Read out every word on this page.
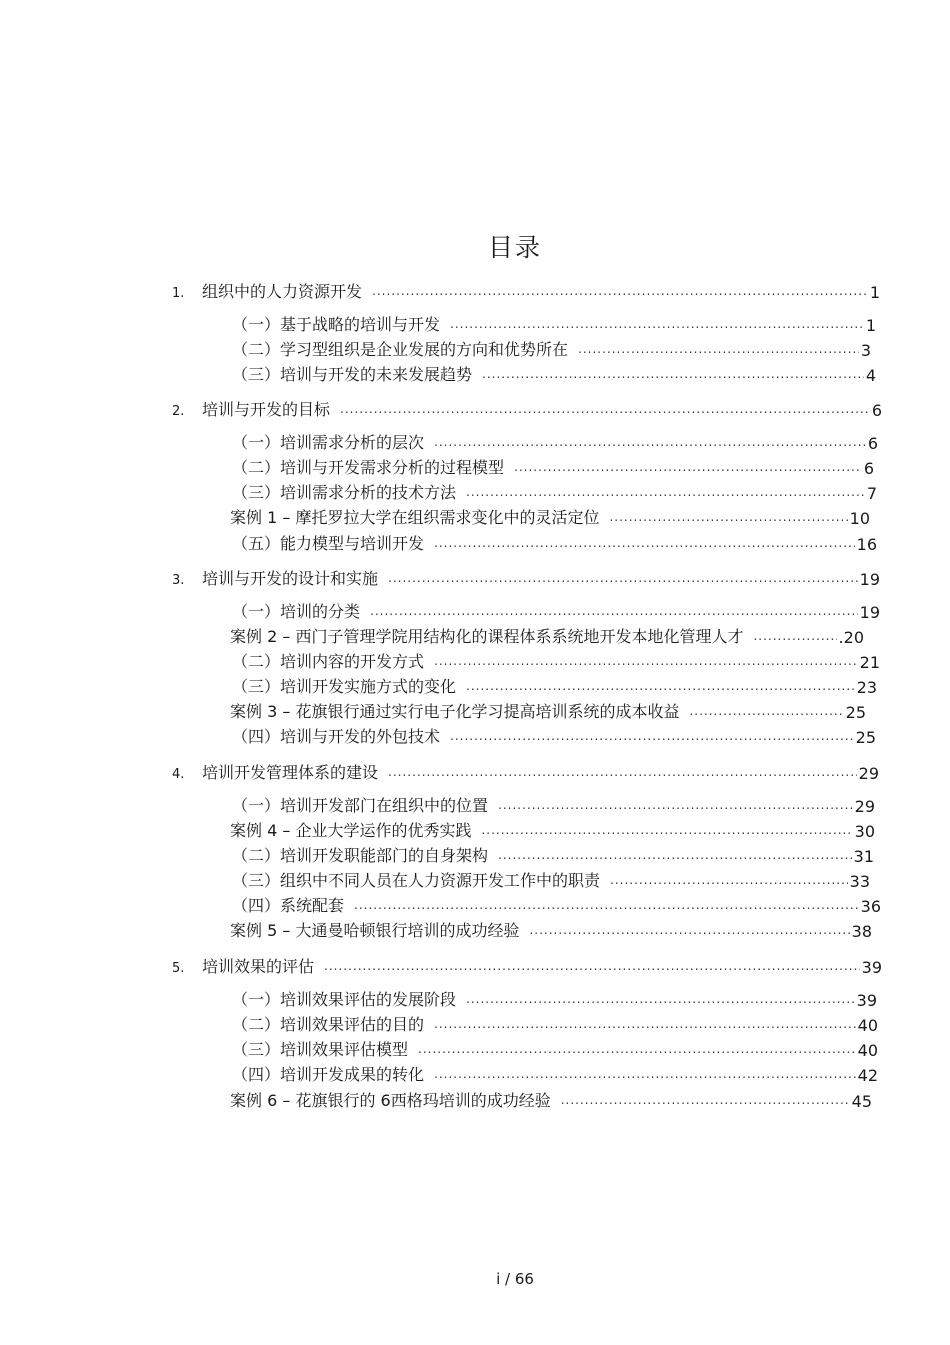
目录
1. 组织中的人力资源开发 .....	1
（一）基于战略的培训与开发 .....	1
（二）学习型组织是企业发展的方向和优势所在 .....	3
（三）培训与开发的未来发展趋势 .....	4
2. 培训与开发的目标 .....	6
（一）培训需求分析的层次 .....	6
（二）培训与开发需求分析的过程模型 .....	6
（三）培训需求分析的技术方法 .....	7
案例 1 – 摩托罗拉大学在组织需求变化中的灵活定位 .....	10
（五）能力模型与培训开发 .....	16
3. 培训与开发的设计和实施 .....	19
（一）培训的分类 .....	19
案例 2 – 西门子管理学院用结构化的课程体系系统地开发本地化管理人才 .....	.20
（二）培训内容的开发方式 .....	21
（三）培训开发实施方式的变化 .....	23
案例 3 – 花旗银行通过实行电子化学习提高培训系统的成本收益 .....	25
（四）培训与开发的外包技术 .....	25
4. 培训开发管理体系的建设 .....	29
（一）培训开发部门在组织中的位置 .....	29
案例 4 – 企业大学运作的优秀实践 .....	30
（二）培训开发职能部门的自身架构 .....	31
（三）组织中不同人员在人力资源开发工作中的职责 .....	33
（四）系统配套 .....	36
案例 5 – 大通曼哈顿银行培训的成功经验 .....	38
5. 培训效果的评估 .....	39
（一）培训效果评估的发展阶段 .....	39
（二）培训效果评估的目的 .....	40
（三）培训效果评估模型 .....	40
（四）培训开发成果的转化 .....	42
案例 6 – 花旗银行的 6西格玛培训的成功经验 .....	45
i / 66
